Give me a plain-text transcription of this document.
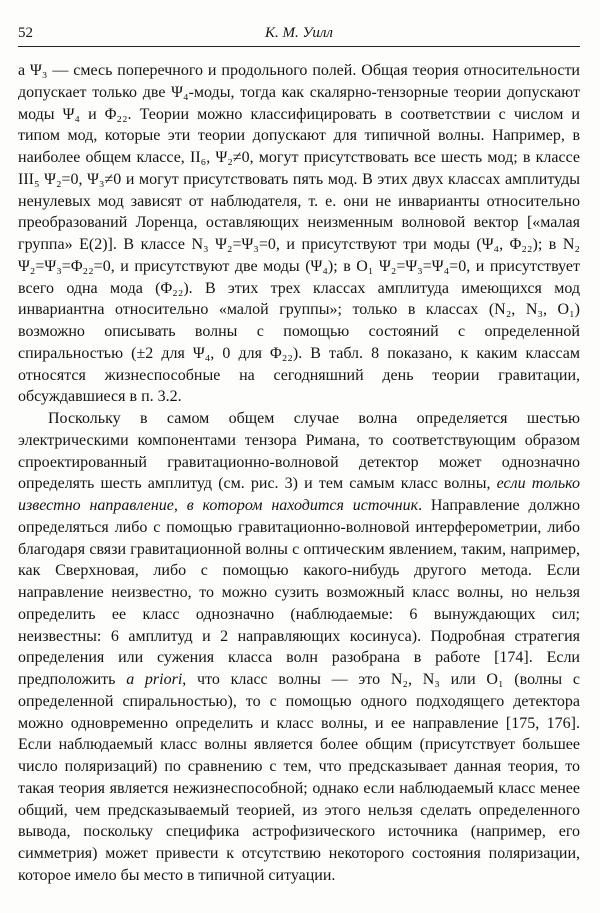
52	К. М. Уилл

а Ψ₃ — смесь поперечного и продольного полей. Общая теория относительности допускает только две Ψ₄-моды, тогда как скалярно-тензорные теории допускают моды Ψ₄ и Φ₂₂. Теории можно классифицировать в соответствии с числом и типом мод, которые эти теории допускают для типичной волны. Например, в наиболее общем классе, II₆, Ψ₂≠0, могут присутствовать все шесть мод; в классе III₅ Ψ₂=0, Ψ₃≠0 и могут присутствовать пять мод. В этих двух классах амплитуды ненулевых мод зависят от наблюдателя, т. е. они не инварианты относительно преобразований Лоренца, оставляющих неизменным волновой вектор [«малая группа» E(2)]. В классе N₃ Ψ₂=Ψ₃=0, и присутствуют три моды (Ψ₄, Φ₂₂); в N₂ Ψ₂=Ψ₃=Φ₂₂=0, и присутствуют две моды (Ψ₄); в O₁ Ψ₂=Ψ₃=Ψ₄=0, и присутствует всего одна мода (Φ₂₂). В этих трех классах амплитуда имеющихся мод инвариантна относительно «малой группы»; только в классах (N₂, N₃, O₁) возможно описывать волны с помощью состояний с определенной спиральностью (±2 для Ψ₄, 0 для Φ₂₂). В табл. 8 показано, к каким классам относятся жизнеспособные на сегодняшний день теории гравитации, обсуждавшиеся в п. 3.2.

Поскольку в самом общем случае волна определяется шестью электрическими компонентами тензора Римана, то соответствующим образом спроектированный гравитационно-волновой детектор может однозначно определять шесть амплитуд (см. рис. 3) и тем самым класс волны, если только известно направление, в котором находится источник. Направление должно определяться либо с помощью гравитационно-волновой интерферометрии, либо благодаря связи гравитационной волны с оптическим явлением, таким, например, как Сверхновая, либо с помощью какого-нибудь другого метода. Если направление неизвестно, то можно сузить возможный класс волны, но нельзя определить ее класс однозначно (наблюдаемые: 6 вынуждающих сил; неизвестны: 6 амплитуд и 2 направляющих косинуса). Подробная стратегия определения или сужения класса волн разобрана в работе [174]. Если предположить a priori, что класс волны — это N₂, N₃ или O₁ (волны с определенной спиральностью), то с помощью одного подходящего детектора можно одновременно определить и класс волны, и ее направление [175, 176]. Если наблюдаемый класс волны является более общим (присутствует большее число поляризаций) по сравнению с тем, что предсказывает данная теория, то такая теория является нежизнеспособной; однако если наблюдаемый класс менее общий, чем предсказываемый теорией, из этого нельзя сделать определенного вывода, поскольку специфика астрофизического источника (например, его симметрия) может привести к отсутствию некоторого состояния поляризации, которое имело бы место в типичной ситуации.
